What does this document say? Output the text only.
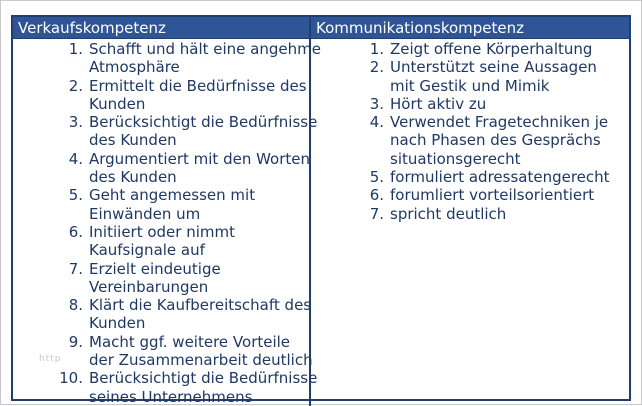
Verkaufskompetenz	Kommunikationskompetenz
1. Schafft und hält eine angehme
Atmosphäre
2. Ermittelt die Bedürfnisse des
Kunden
3. Berücksichtigt die Bedürfnisse
des Kunden
4. Argumentiert mit den Worten
des Kunden
5. Geht angemessen mit
Einwänden um
6. Initiiert oder nimmt
Kaufsignale auf
7. Erzielt eindeutige
Vereinbarungen
8. Klärt die Kaufbereitschaft des
Kunden
9. Macht ggf. weitere Vorteile
der Zusammenarbeit deutlich
10. Berücksichtigt die Bedürfnisse
seines Unternehmens
1. Zeigt offene Körperhaltung
2. Unterstützt seine Aussagen
mit Gestik und Mimik
3. Hört aktiv zu
4. Verwendet Fragetechniken je
nach Phasen des Gesprächs
situationsgerecht
5. formuliert adressatengerecht
6. forumliert vorteilsorientiert
7. spricht deutlich
http
